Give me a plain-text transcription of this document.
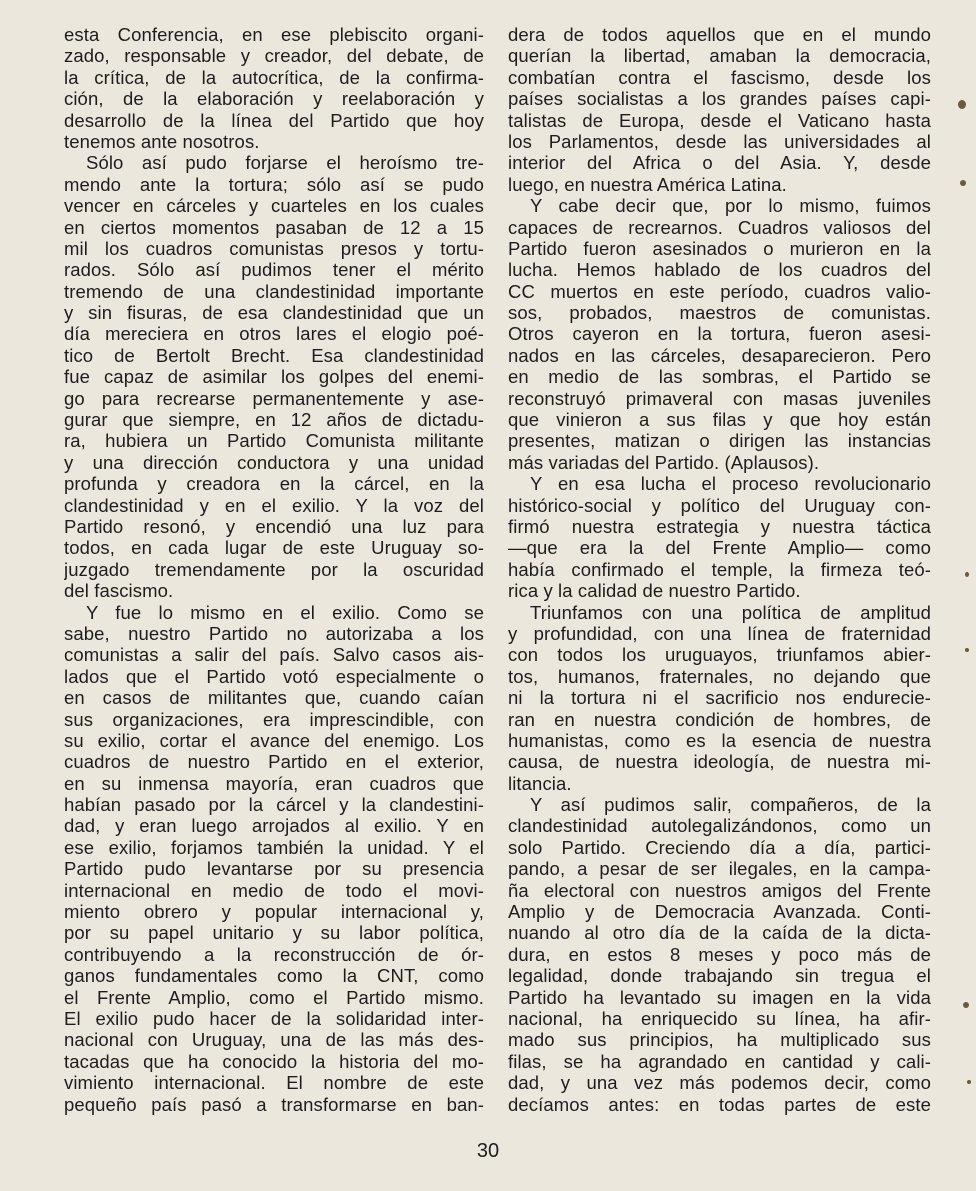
esta Conferencia, en ese plebiscito organi-
zado, responsable y creador, del debate, de
la crítica, de la autocrítica, de la confirma-
ción, de la elaboración y reelaboración y
desarrollo de la línea del Partido que hoy
tenemos ante nosotros.
Sólo así pudo forjarse el heroísmo tre-
mendo ante la tortura; sólo así se pudo
vencer en cárceles y cuarteles en los cuales
en ciertos momentos pasaban de 12 a 15
mil los cuadros comunistas presos y tortu-
rados. Sólo así pudimos tener el mérito
tremendo de una clandestinidad importante
y sin fisuras, de esa clandestinidad que un
día mereciera en otros lares el elogio poé-
tico de Bertolt Brecht. Esa clandestinidad
fue capaz de asimilar los golpes del enemi-
go para recrearse permanentemente y ase-
gurar que siempre, en 12 años de dictadu-
ra, hubiera un Partido Comunista militante
y una dirección conductora y una unidad
profunda y creadora en la cárcel, en la
clandestinidad y en el exilio. Y la voz del
Partido resonó, y encendió una luz para
todos, en cada lugar de este Uruguay so-
juzgado tremendamente por la oscuridad
del fascismo.
Y fue lo mismo en el exilio. Como se
sabe, nuestro Partido no autorizaba a los
comunistas a salir del país. Salvo casos ais-
lados que el Partido votó especialmente o
en casos de militantes que, cuando caían
sus organizaciones, era imprescindible, con
su exilio, cortar el avance del enemigo. Los
cuadros de nuestro Partido en el exterior,
en su inmensa mayoría, eran cuadros que
habían pasado por la cárcel y la clandestini-
dad, y eran luego arrojados al exilio. Y en
ese exilio, forjamos también la unidad. Y el
Partido pudo levantarse por su presencia
internacional en medio de todo el movi-
miento obrero y popular internacional y,
por su papel unitario y su labor política,
contribuyendo a la reconstrucción de ór-
ganos fundamentales como la CNT, como
el Frente Amplio, como el Partido mismo.
El exilio pudo hacer de la solidaridad inter-
nacional con Uruguay, una de las más des-
tacadas que ha conocido la historia del mo-
vimiento internacional. El nombre de este
pequeño país pasó a transformarse en ban-
dera de todos aquellos que en el mundo
querían la libertad, amaban la democracia,
combatían contra el fascismo, desde los
países socialistas a los grandes países capi-
talistas de Europa, desde el Vaticano hasta
los Parlamentos, desde las universidades al
interior del Africa o del Asia. Y, desde
luego, en nuestra América Latina.
Y cabe decir que, por lo mismo, fuimos
capaces de recrearnos. Cuadros valiosos del
Partido fueron asesinados o murieron en la
lucha. Hemos hablado de los cuadros del
CC muertos en este período, cuadros valio-
sos, probados, maestros de comunistas.
Otros cayeron en la tortura, fueron asesi-
nados en las cárceles, desaparecieron. Pero
en medio de las sombras, el Partido se
reconstruyó primaveral con masas juveniles
que vinieron a sus filas y que hoy están
presentes, matizan o dirigen las instancias
más variadas del Partido. (Aplausos).
Y en esa lucha el proceso revolucionario
histórico-social y político del Uruguay con-
firmó nuestra estrategia y nuestra táctica
—que era la del Frente Amplio— como
había confirmado el temple, la firmeza teó-
rica y la calidad de nuestro Partido.
Triunfamos con una política de amplitud
y profundidad, con una línea de fraternidad
con todos los uruguayos, triunfamos abier-
tos, humanos, fraternales, no dejando que
ni la tortura ni el sacrificio nos endurecie-
ran en nuestra condición de hombres, de
humanistas, como es la esencia de nuestra
causa, de nuestra ideología, de nuestra mi-
litancia.
Y así pudimos salir, compañeros, de la
clandestinidad autolegalizándonos, como un
solo Partido. Creciendo día a día, partici-
pando, a pesar de ser ilegales, en la campa-
ña electoral con nuestros amigos del Frente
Amplio y de Democracia Avanzada. Conti-
nuando al otro día de la caída de la dicta-
dura, en estos 8 meses y poco más de
legalidad, donde trabajando sin tregua el
Partido ha levantado su imagen en la vida
nacional, ha enriquecido su línea, ha afir-
mado sus principios, ha multiplicado sus
filas, se ha agrandado en cantidad y cali-
dad, y una vez más podemos decir, como
decíamos antes: en todas partes de este
30
